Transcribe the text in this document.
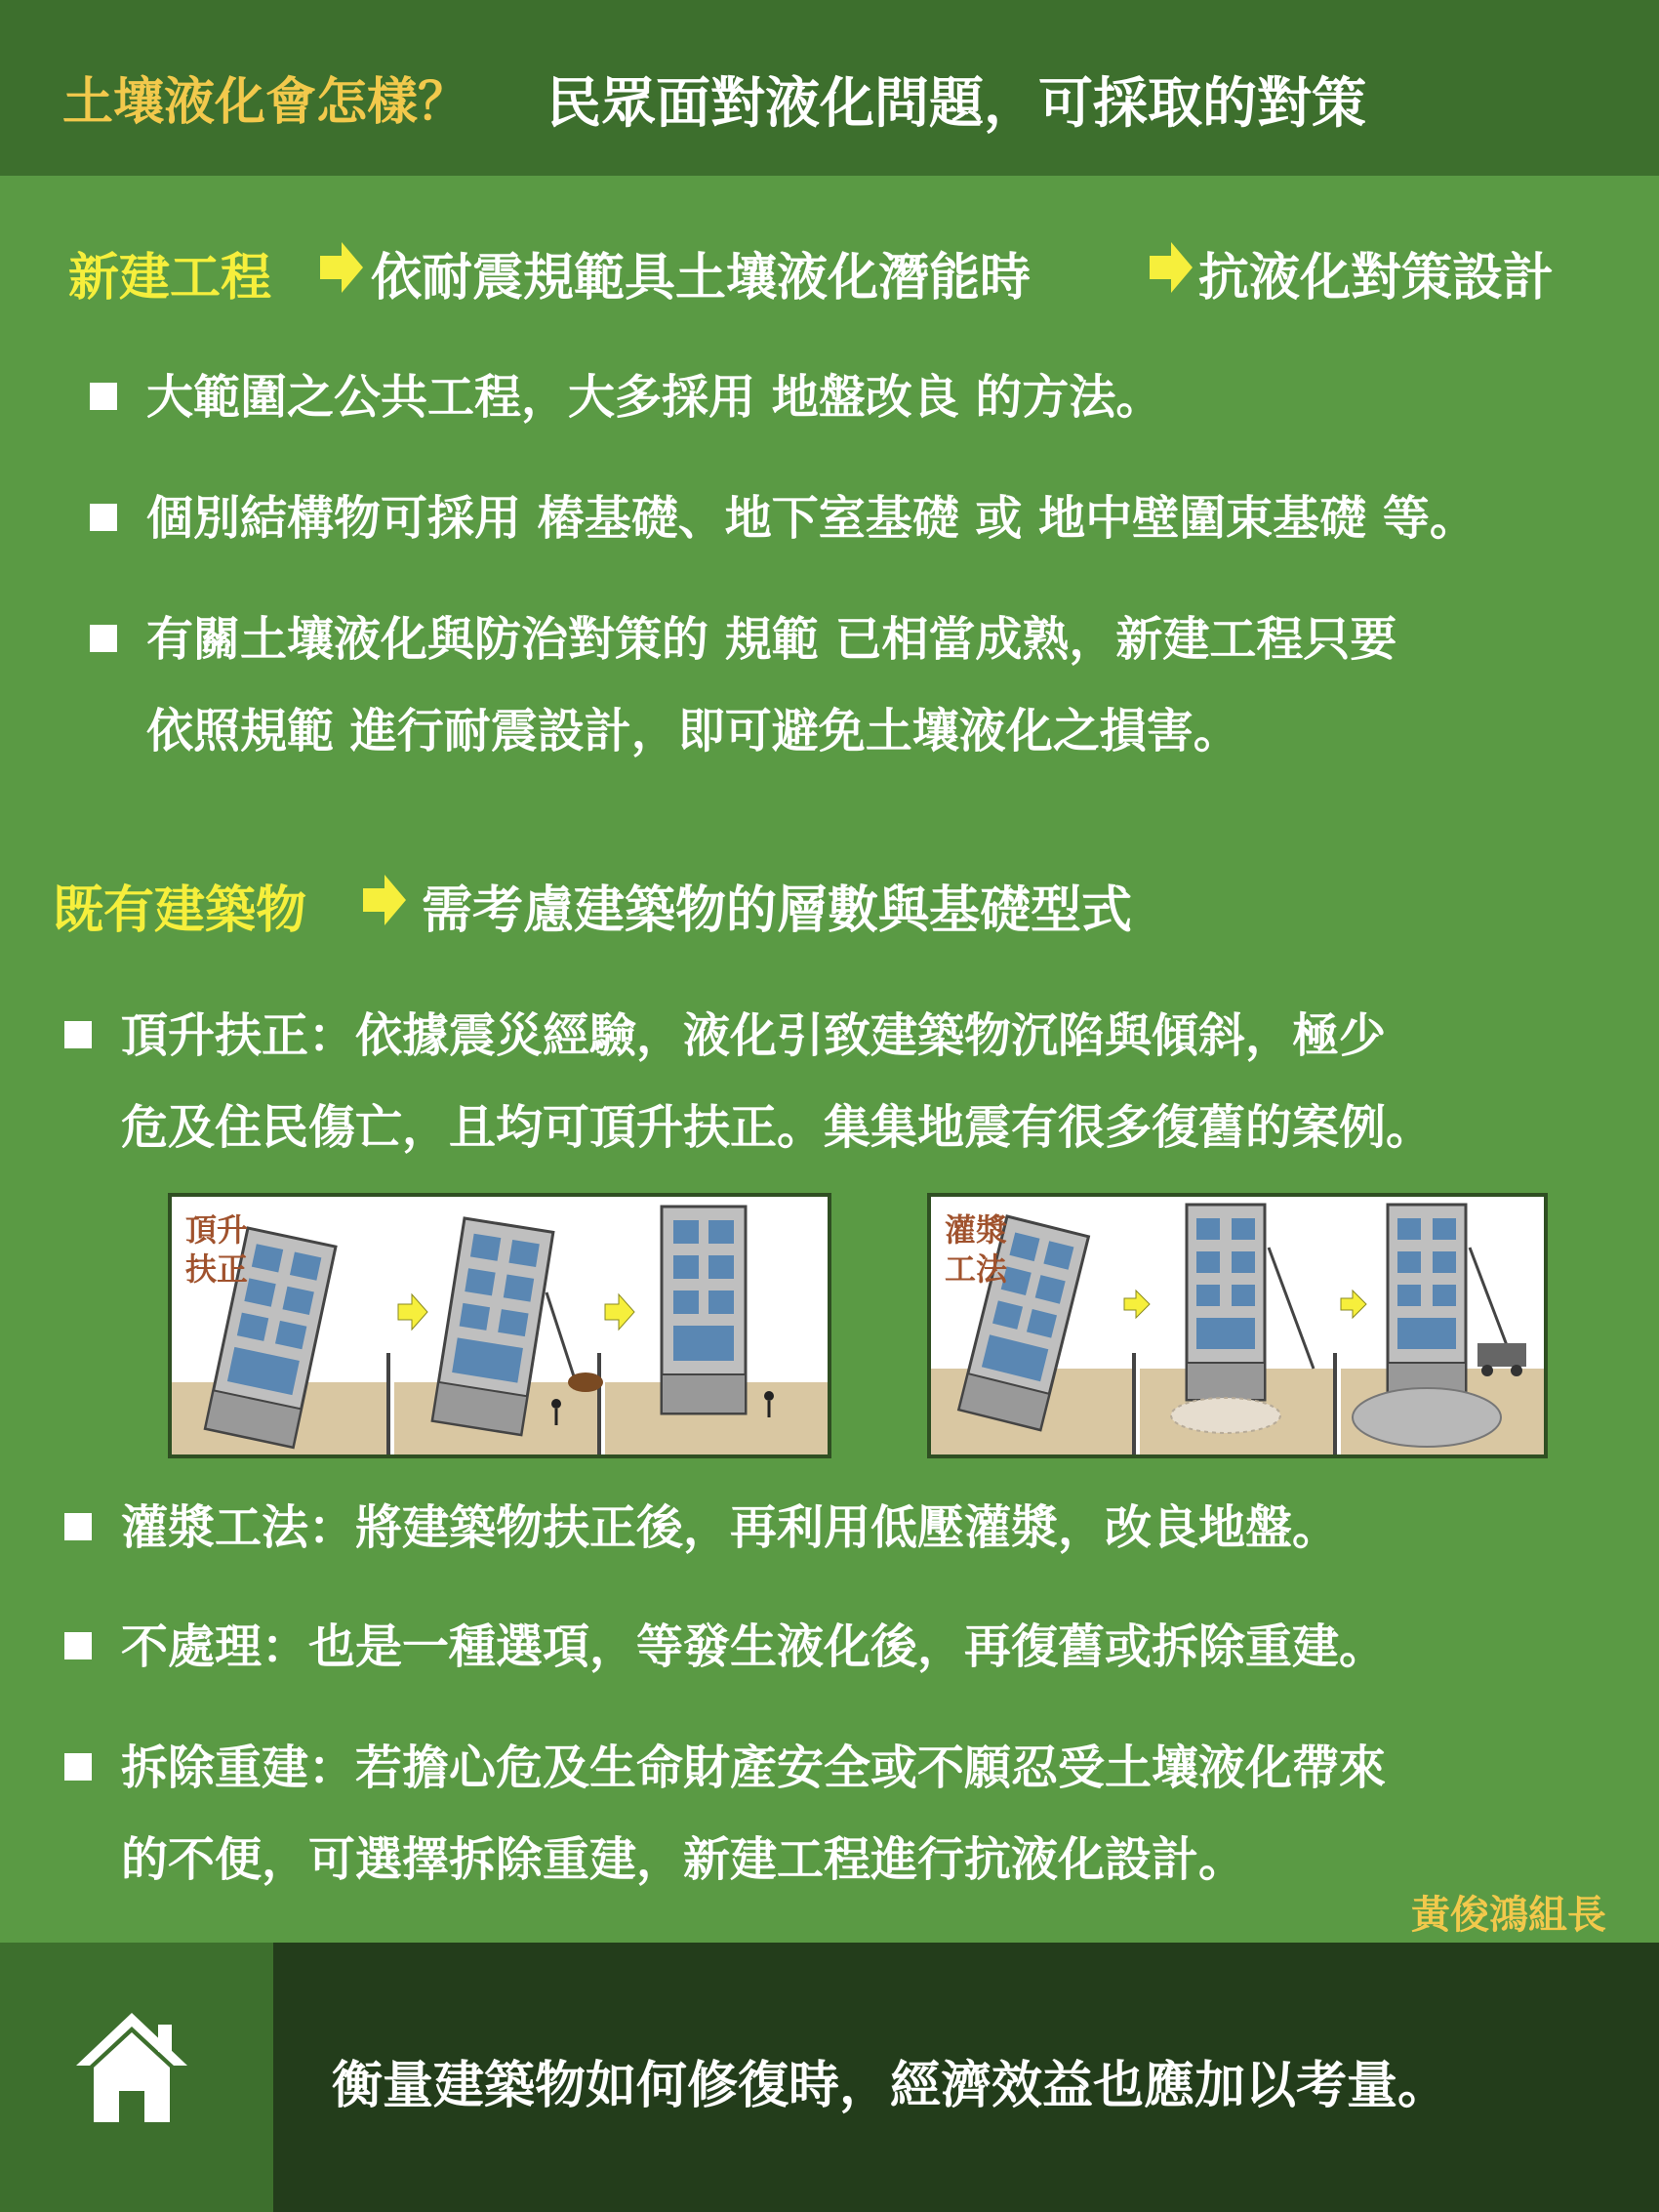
土壤液化會怎樣？ 民眾面對液化問題，可採取的對策
新建工程 依耐震規範具土壤液化潛能時	抗液化對策設計
大範圍之公共工程，大多採用 地盤改良 的方法。
個別結構物可採用 樁基礎、地下室基礎 或 地中壁圍束基礎 等。
有關土壤液化與防治對策的 規範 已相當成熟，新建工程只要
依照規範 進行耐震設計，即可避免土壤液化之損害。
既有建築物 需考慮建築物的層數與基礎型式
頂升扶正：依據震災經驗，液化引致建築物沉陷與傾斜，極少
危及住民傷亡，且均可頂升扶正。集集地震有很多復舊的案例。
頂升
扶正
灌漿
工法
灌漿工法：將建築物扶正後，再利用低壓灌漿，改良地盤。
不處理：也是一種選項，等發生液化後，再復舊或拆除重建。
拆除重建：若擔心危及生命財產安全或不願忍受土壤液化帶來
的不便，可選擇拆除重建，新建工程進行抗液化設計。
黃俊鴻組長
衡量建築物如何修復時，經濟效益也應加以考量。
